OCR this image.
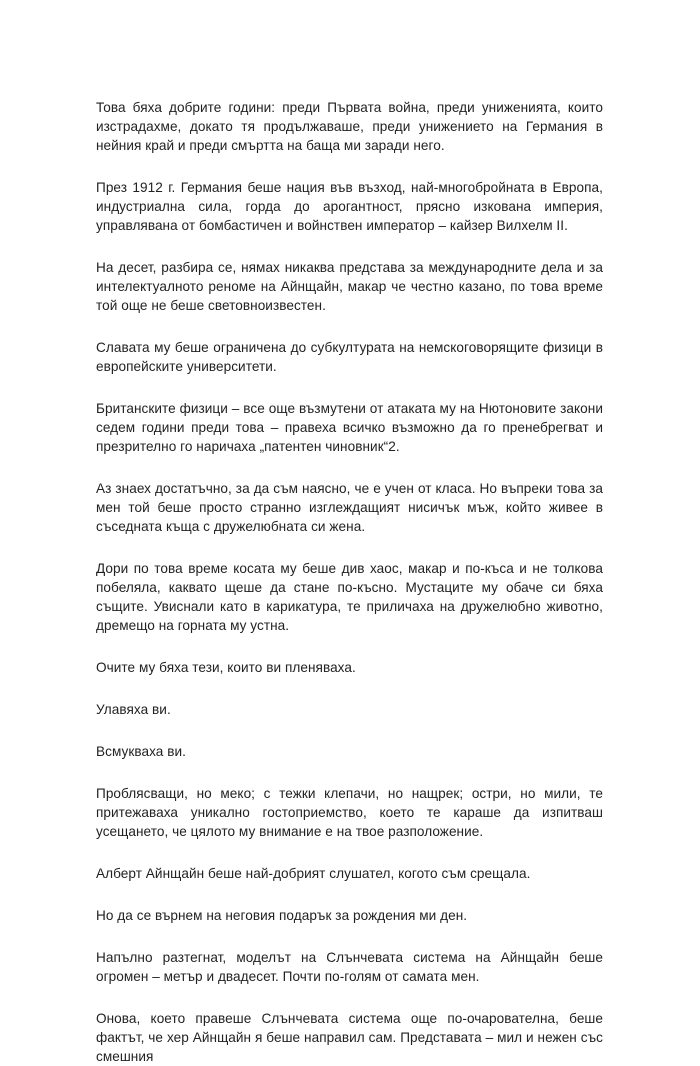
Това бяха добрите години: преди Първата война, преди униженията, които изстрадахме, докато тя продължаваше, преди унижението на Германия в нейния край и преди смъртта на баща ми заради него.

През 1912 г. Германия беше нация във възход, най-многобройната в Европа, индустриална сила, горда до арогантност, прясно изкована империя, управлявана от бомбастичен и войнствен император – кайзер Вилхелм II.

На десет, разбира се, нямах никаква представа за международните дела и за интелектуалното реноме на Айнщайн, макар че честно казано, по това време той още не беше световноизвестен.

Славата му беше ограничена до субкултурата на немскоговорящите физици в европейските университети.

Британските физици – все още възмутени от атаката му на Нютоновите закони седем години преди това – правеха всичко възможно да го пренебрегват и презрително го наричаха „патентен чиновник“2.

Аз знаех достатъчно, за да съм наясно, че е учен от класа. Но въпреки това за мен той беше просто странно изглеждащият нисичък мъж, който живее в съседната къща с дружелюбната си жена.

Дори по това време косата му беше див хаос, макар и по-къса и не толкова побеляла, каквато щеше да стане по-късно. Мустаците му обаче си бяха същите. Увиснали като в карикатура, те приличаха на дружелюбно животно, дремещо на горната му устна.

Очите му бяха тези, които ви пленяваха.

Улавяха ви.

Всмукваха ви.

Проблясващи, но меко; с тежки клепачи, но нащрек; остри, но мили, те притежаваха уникално гостоприемство, което те караше да изпитваш усещането, че цялото му внимание е на твое разположение.

Алберт Айнщайн беше най-добрият слушател, когото съм срещала.

Но да се върнем на неговия подарък за рождения ми ден.

Напълно разтегнат, моделът на Слънчевата система на Айнщайн беше огромен – метър и двадесет. Почти по-голям от самата мен.

Онова, което правеше Слънчевата система още по-очарователна, беше фактът, че хер Айнщайн я беше направил сам. Представата – мил и нежен със смешния
